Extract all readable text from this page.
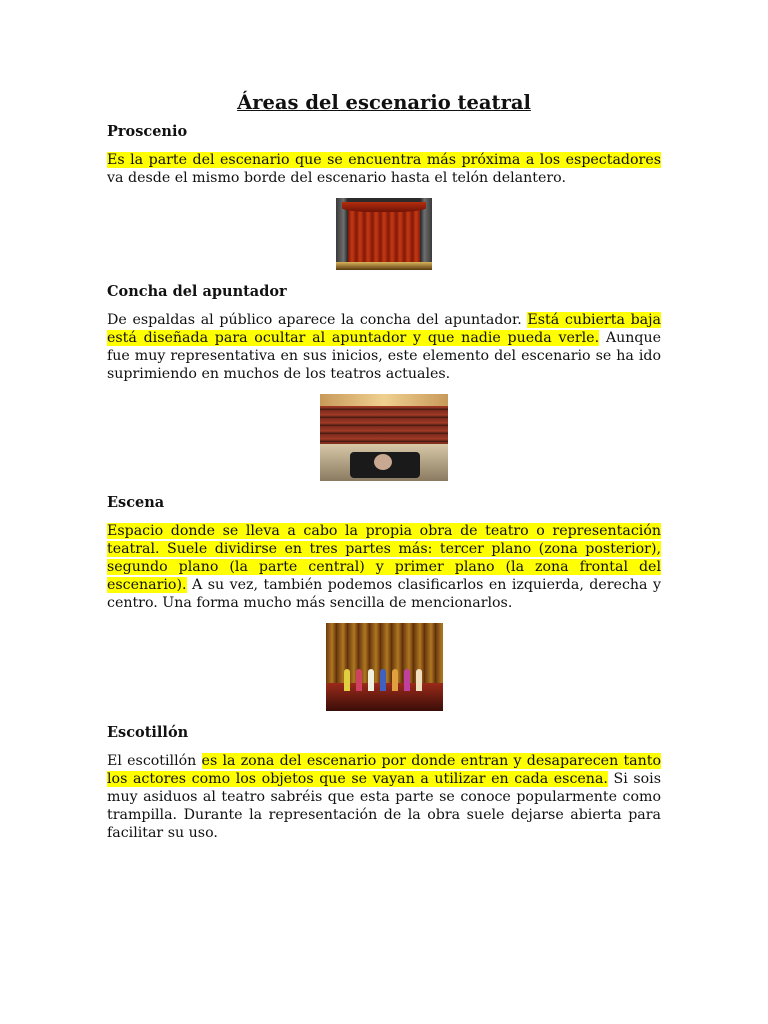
Áreas del escenario teatral
Proscenio

Es la parte del escenario que se encuentra más próxima a los espectadores va desde el mismo borde del escenario hasta el telón delantero.

Concha del apuntador

De espaldas al público aparece la concha del apuntador. Está cubierta baja está diseñada para ocultar al apuntador y que nadie pueda verle. Aunque fue muy representativa en sus inicios, este elemento del escenario se ha ido suprimiendo en muchos de los teatros actuales.

Escena

Espacio donde se lleva a cabo la propia obra de teatro o representación teatral. Suele dividirse en tres partes más: tercer plano (zona posterior), segundo plano (la parte central) y primer plano (la zona frontal del escenario). A su vez, también podemos clasificarlos en izquierda, derecha y centro. Una forma mucho más sencilla de mencionarlos.

Escotillón

El escotillón es la zona del escenario por donde entran y desaparecen tanto los actores como los objetos que se vayan a utilizar en cada escena. Si sois muy asiduos al teatro sabréis que esta parte se conoce popularmente como trampilla. Durante la representación de la obra suele dejarse abierta para facilitar su uso.
